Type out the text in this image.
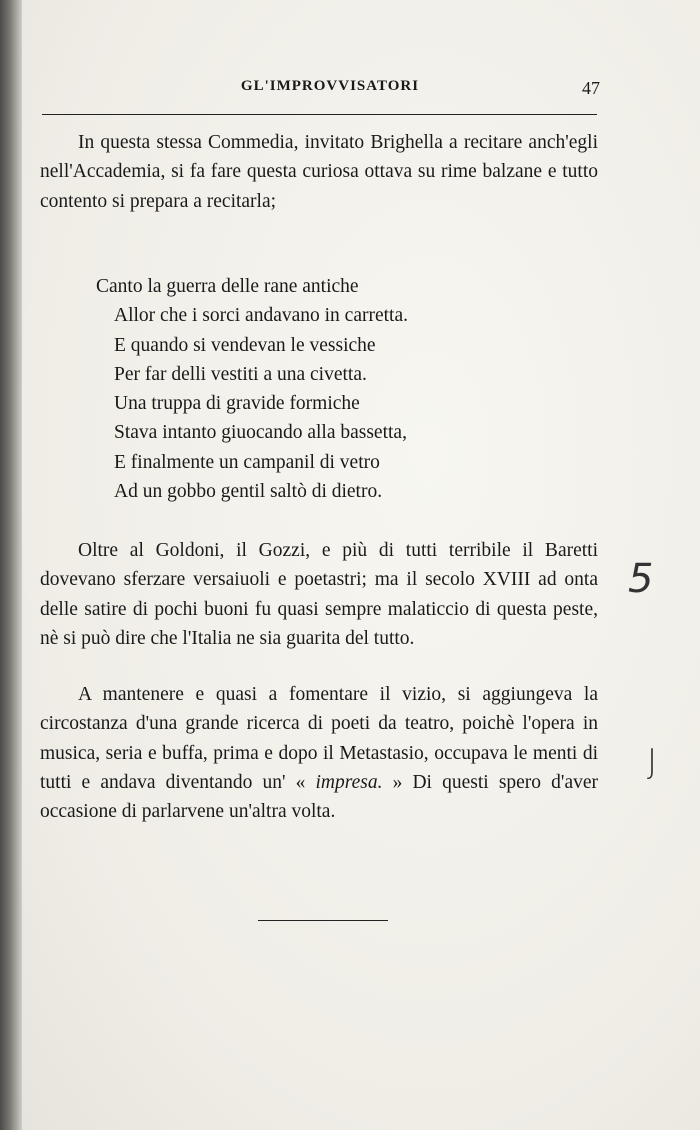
GL'IMPROVVISATORI	47

In questa stessa Commedia, invitato Brighella a recitare anch'egli nell'Accademia, si fa fare questa curiosa ottava su rime balzane e tutto contento si prepara a recitarla;

Canto la guerra delle rane antiche
Allor che i sorci andavano in carretta.
E quando si vendevan le vessiche
Per far delli vestiti a una civetta.
Una truppa di gravide formiche
Stava intanto giuocando alla bassetta,
E finalmente un campanil di vetro
Ad un gobbo gentil saltò di dietro.

Oltre al Goldoni, il Gozzi, e più di tutti terribile il Baretti dovevano sferzare versaiuoli e poetastri; ma il secolo XVIII ad onta delle satire di pochi buoni fu quasi sempre malaticcio di questa peste, nè si può dire che l'Italia ne sia guarita del tutto.

A mantenere e quasi a fomentare il vizio, si aggiungeva la circostanza d'una grande ricerca di poeti da teatro, poichè l'opera in musica, seria e buffa, prima e dopo il Metastasio, occupava le menti di tutti e andava diventando un' « impresa. » Di questi spero d'aver occasione di parlarvene un'altra volta.

5
J
